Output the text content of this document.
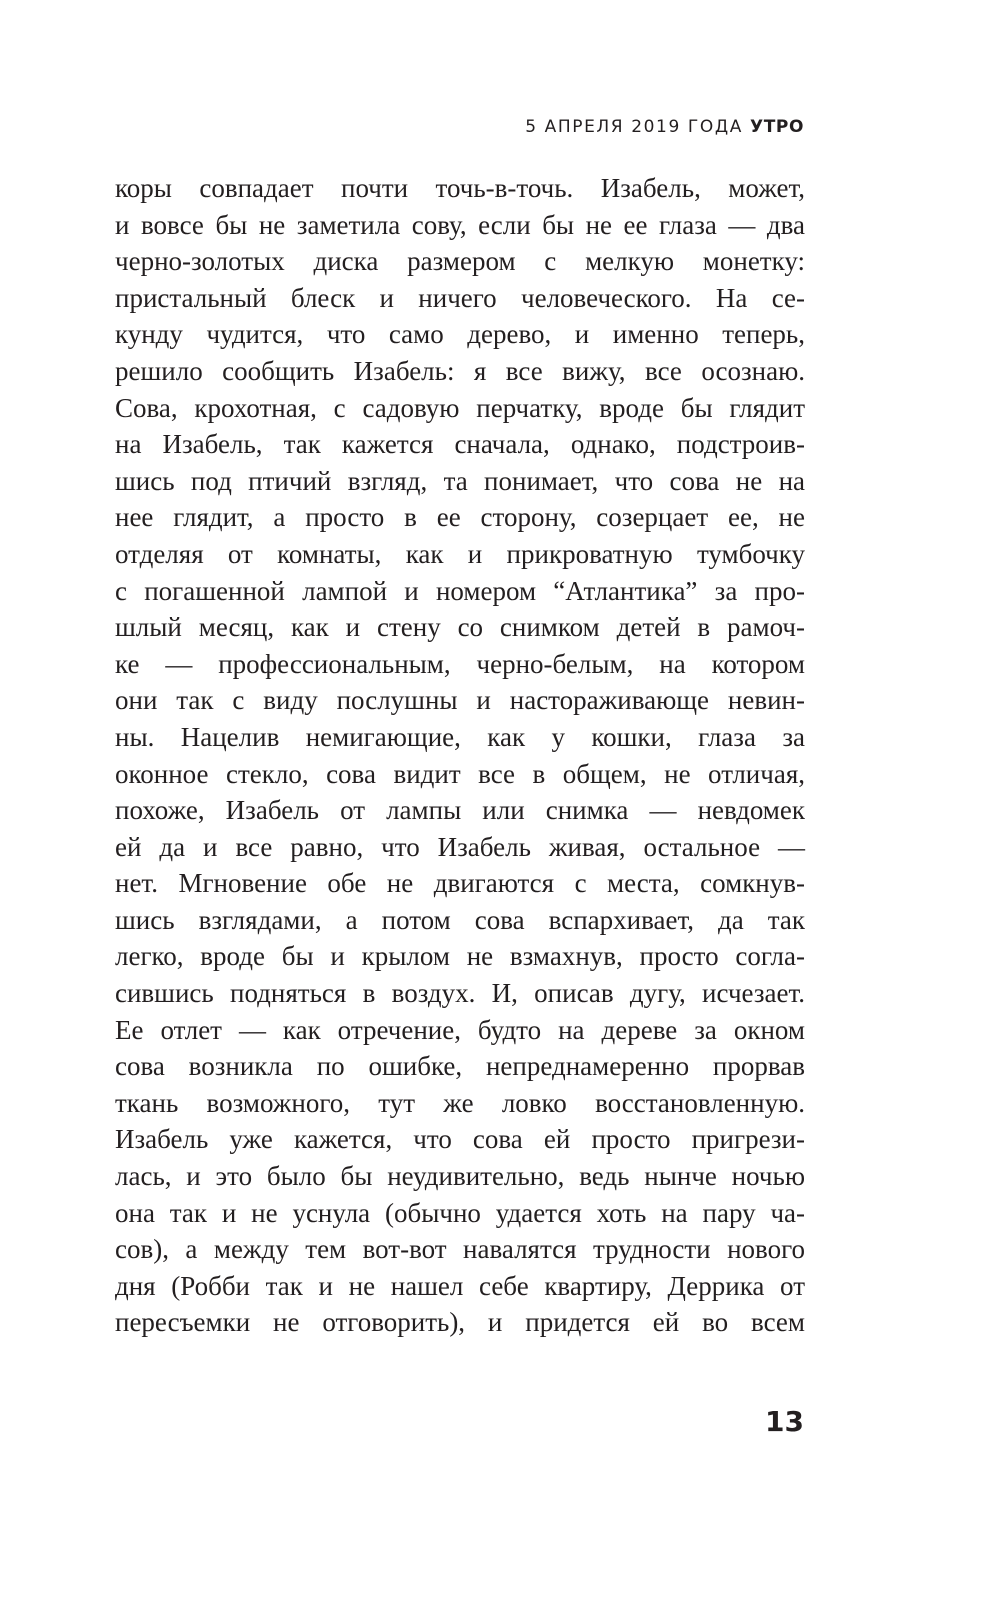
5 АПРЕЛЯ 2019 ГОДА УТРО
коры совпадает почти точь-в-точь. Изабель, может,
и вовсе бы не заметила сову, если бы не ее глаза — два
черно-золотых диска размером с мелкую монетку:
пристальный блеск и ничего человеческого. На се-
кунду чудится, что само дерево, и именно теперь,
решило сообщить Изабель: я все вижу, все осознаю.
Сова, крохотная, с садовую перчатку, вроде бы глядит
на Изабель, так кажется сначала, однако, подстроив-
шись под птичий взгляд, та понимает, что сова не на
нее глядит, а просто в ее сторону, созерцает ее, не
отделяя от комнаты, как и прикроватную тумбочку
с погашенной лампой и номером “Атлантика” за про-
шлый месяц, как и стену со снимком детей в рамоч-
ке — профессиональным, черно-белым, на котором
они так с виду послушны и настораживающе невин-
ны. Нацелив немигающие, как у кошки, глаза за
оконное стекло, сова видит все в общем, не отличая,
похоже, Изабель от лампы или снимка — невдомек
ей да и все равно, что Изабель живая, остальное —
нет. Мгновение обе не двигаются с места, сомкнув-
шись взглядами, а потом сова вспархивает, да так
легко, вроде бы и крылом не взмахнув, просто согла-
сившись подняться в воздух. И, описав дугу, исчезает.
Ее отлет — как отречение, будто на дереве за окном
сова возникла по ошибке, непреднамеренно прорвав
ткань возможного, тут же ловко восстановленную.
Изабель уже кажется, что сова ей просто пригрези-
лась, и это было бы неудивительно, ведь нынче ночью
она так и не уснула (обычно удается хоть на пару ча-
сов), а между тем вот-вот навалятся трудности нового
дня (Робби так и не нашел себе квартиру, Деррика от
пересъемки не отговорить), и придется ей во всем
13
